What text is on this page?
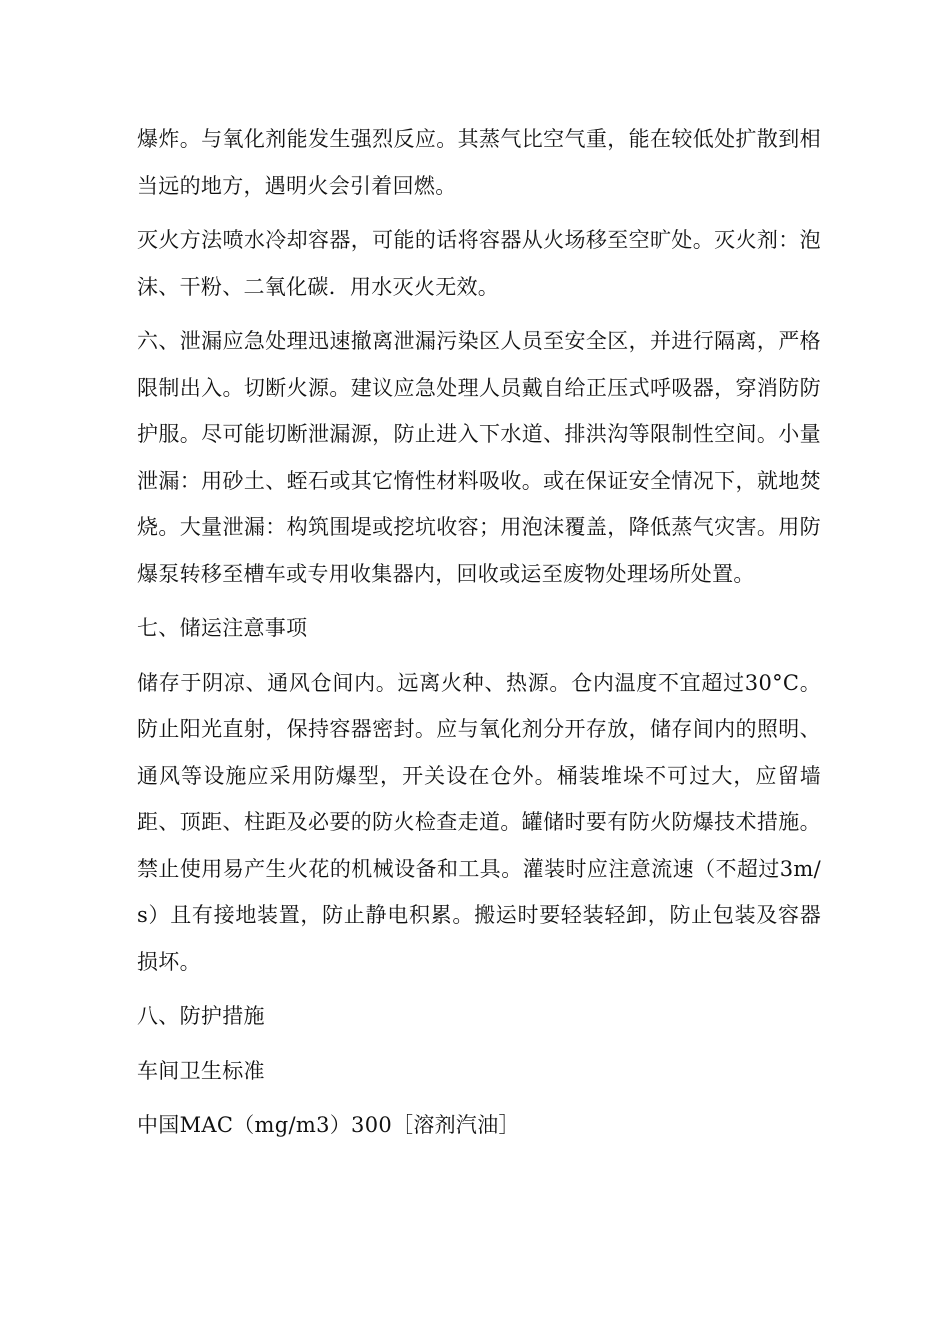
爆炸。与氧化剂能发生强烈反应。其蒸气比空气重，能在较低处扩散到相当远的地方，遇明火会引着回燃。

灭火方法喷水冷却容器，可能的话将容器从火场移至空旷处。灭火剂：泡沫、干粉、二氧化碳．用水灭火无效。

六、泄漏应急处理迅速撤离泄漏污染区人员至安全区，并进行隔离，严格限制出入。切断火源。建议应急处理人员戴自给正压式呼吸器，穿消防防护服。尽可能切断泄漏源，防止进入下水道、排洪沟等限制性空间。小量泄漏：用砂土、蛭石或其它惰性材料吸收。或在保证安全情况下，就地焚烧。大量泄漏：构筑围堤或挖坑收容；用泡沫覆盖，降低蒸气灾害。用防爆泵转移至槽车或专用收集器内，回收或运至废物处理场所处置。

七、储运注意事项

储存于阴凉、通风仓间内。远离火种、热源。仓内温度不宜超过30°C。防止阳光直射，保持容器密封。应与氧化剂分开存放，储存间内的照明、通风等设施应采用防爆型，开关设在仓外。桶装堆垛不可过大，应留墙距、顶距、柱距及必要的防火检查走道。罐储时要有防火防爆技术措施。禁止使用易产生火花的机械设备和工具。灌装时应注意流速（不超过3m/s）且有接地装置，防止静电积累。搬运时要轻装轻卸，防止包装及容器损坏。

八、防护措施

车间卫生标准

中国MAC（mg/m3）300［溶剂汽油］
